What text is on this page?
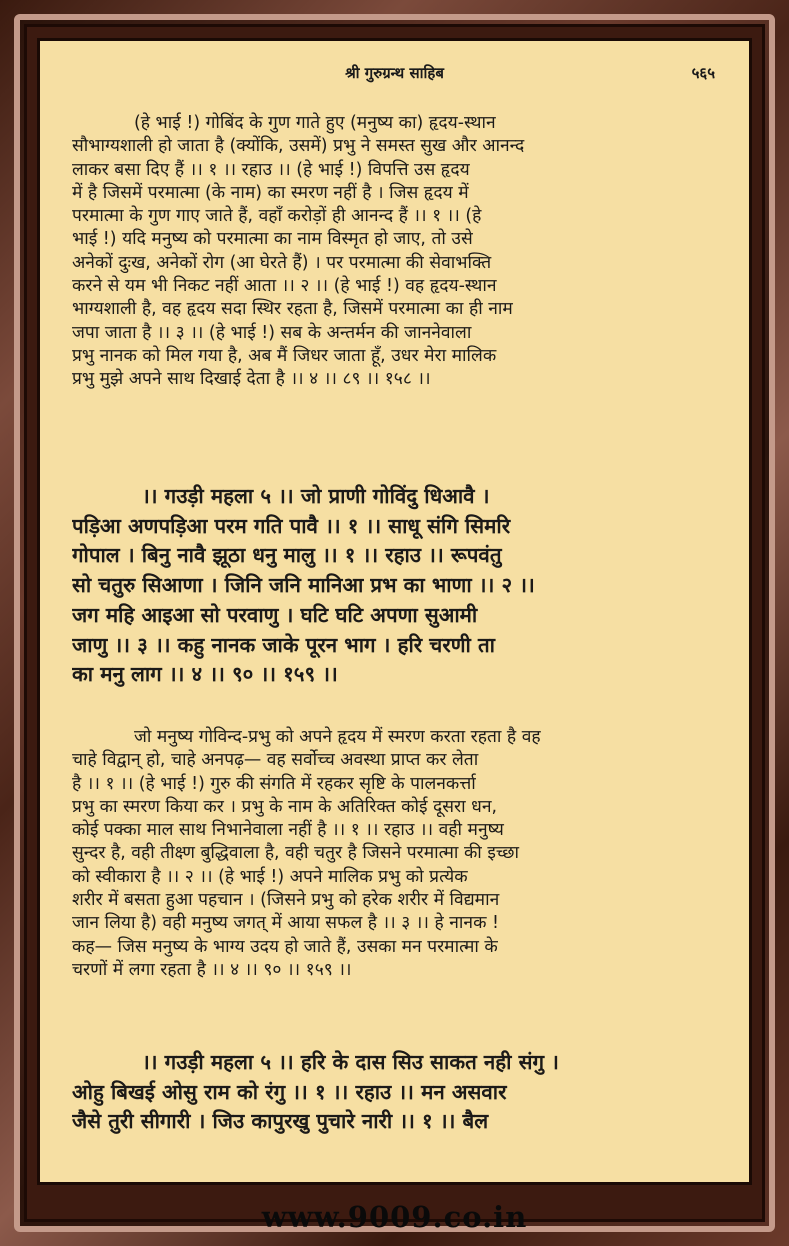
श्री गुरुग्रन्थ साहिब	५६५
(हे भाई !) गोबिंद के गुण गाते हुए (मनुष्य का) हृदय-स्थान
सौभाग्यशाली हो जाता है (क्योंकि, उसमें) प्रभु ने समस्त सुख और आनन्द
लाकर बसा दिए हैं ।। १ ।। रहाउ ।। (हे भाई !) विपत्ति उस हृदय
में है जिसमें परमात्मा (के नाम) का स्मरण नहीं है । जिस हृदय में
परमात्मा के गुण गाए जाते हैं, वहाँ करोड़ों ही आनन्द हैं ।। १ ।। (हे
भाई !) यदि मनुष्य को परमात्मा का नाम विस्मृत हो जाए, तो उसे
अनेकों दुःख, अनेकों रोग (आ घेरते हैं) । पर परमात्मा की सेवाभक्ति
करने से यम भी निकट नहीं आता ।। २ ।। (हे भाई !) वह हृदय-स्थान
भाग्यशाली है, वह हृदय सदा स्थिर रहता है, जिसमें परमात्मा का ही नाम
जपा जाता है ।। ३ ।। (हे भाई !) सब के अन्तर्मन की जाननेवाला
प्रभु नानक को मिल गया है, अब मैं जिधर जाता हूँ, उधर मेरा मालिक
प्रभु मुझे अपने साथ दिखाई देता है ।। ४ ।। ८९ ।। १५८ ।।
।। गउड़ी महला ५ ।। जो प्राणी गोविंदु धिआवै ।
पड़िआ अणपड़िआ परम गति पावै ।। १ ।। साधू संगि सिमरि
गोपाल । बिनु नावै झूठा धनु मालु ।। १ ।। रहाउ ।। रूपवंतु
सो चतुरु सिआणा । जिनि जनि मानिआ प्रभ का भाणा ।। २ ।।
जग महि आइआ सो परवाणु । घटि घटि अपणा सुआमी
जाणु ।। ३ ।। कहु नानक जाके पूरन भाग । हरि चरणी ता
का मनु लाग ।। ४ ।। ९० ।। १५९ ।।
जो मनुष्य गोविन्द-प्रभु को अपने हृदय में स्मरण करता रहता है वह
चाहे विद्वान् हो, चाहे अनपढ़— वह सर्वोच्च अवस्था प्राप्त कर लेता
है ।। १ ।। (हे भाई !) गुरु की संगति में रहकर सृष्टि के पालनकर्त्ता
प्रभु का स्मरण किया कर । प्रभु के नाम के अतिरिक्त कोई दूसरा धन,
कोई पक्का माल साथ निभानेवाला नहीं है ।। १ ।। रहाउ ।। वही मनुष्य
सुन्दर है, वही तीक्ष्ण बुद्धिवाला है, वही चतुर है जिसने परमात्मा की इच्छा
को स्वीकारा है ।। २ ।। (हे भाई !) अपने मालिक प्रभु को प्रत्येक
शरीर में बसता हुआ पहचान । (जिसने प्रभु को हरेक शरीर में विद्यमान
जान लिया है) वही मनुष्य जगत् में आया सफल है ।। ३ ।। हे नानक !
कह— जिस मनुष्य के भाग्य उदय हो जाते हैं, उसका मन परमात्मा के
चरणों में लगा रहता है ।। ४ ।। ९० ।। १५९ ।।
।। गउड़ी महला ५ ।। हरि के दास सिउ साकत नही संगु ।
ओहु बिखई ओसु राम को रंगु ।। १ ।। रहाउ ।। मन असवार
जैसे तुरी सीगारी । जिउ कापुरखु पुचारे नारी ।। १ ।। बैल
www.9009.co.in
